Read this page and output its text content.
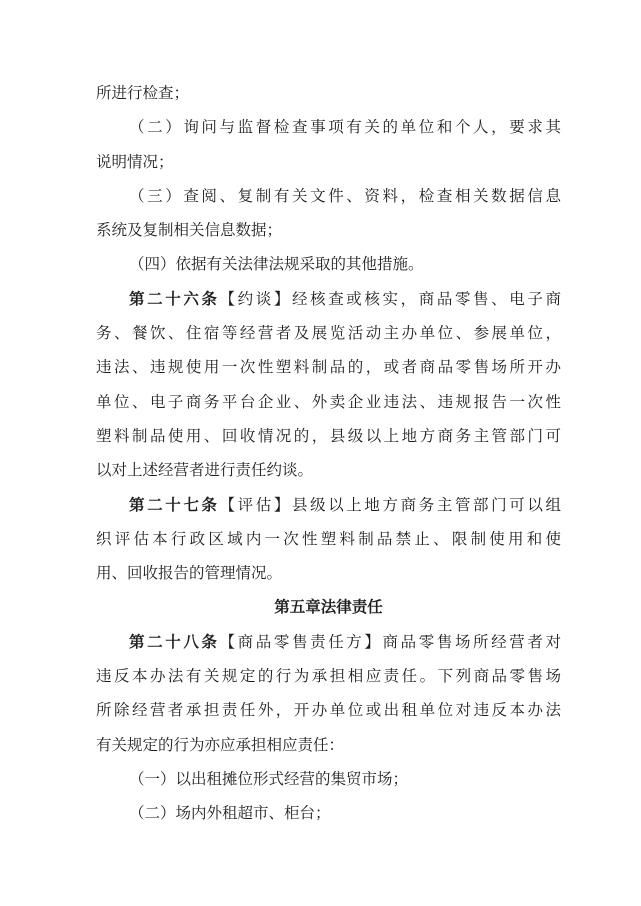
所进行检查；
（二）询问与监督检查事项有关的单位和个人，要求其
说明情况；
（三）查阅、复制有关文件、资料，检查相关数据信息
系统及复制相关信息数据；
（四）依据有关法律法规采取的其他措施。
第二十六条【约谈】经核查或核实，商品零售、电子商
务、餐饮、住宿等经营者及展览活动主办单位、参展单位，
违法、违规使用一次性塑料制品的，或者商品零售场所开办
单位、电子商务平台企业、外卖企业违法、违规报告一次性
塑料制品使用、回收情况的，县级以上地方商务主管部门可
以对上述经营者进行责任约谈。
第二十七条【评估】县级以上地方商务主管部门可以组
织评估本行政区域内一次性塑料制品禁止、限制使用和使
用、回收报告的管理情况。
第五章法律责任
第二十八条【商品零售责任方】商品零售场所经营者对
违反本办法有关规定的行为承担相应责任。下列商品零售场
所除经营者承担责任外，开办单位或出租单位对违反本办法
有关规定的行为亦应承担相应责任：
（一）以出租摊位形式经营的集贸市场；
（二）场内外租超市、柜台；
